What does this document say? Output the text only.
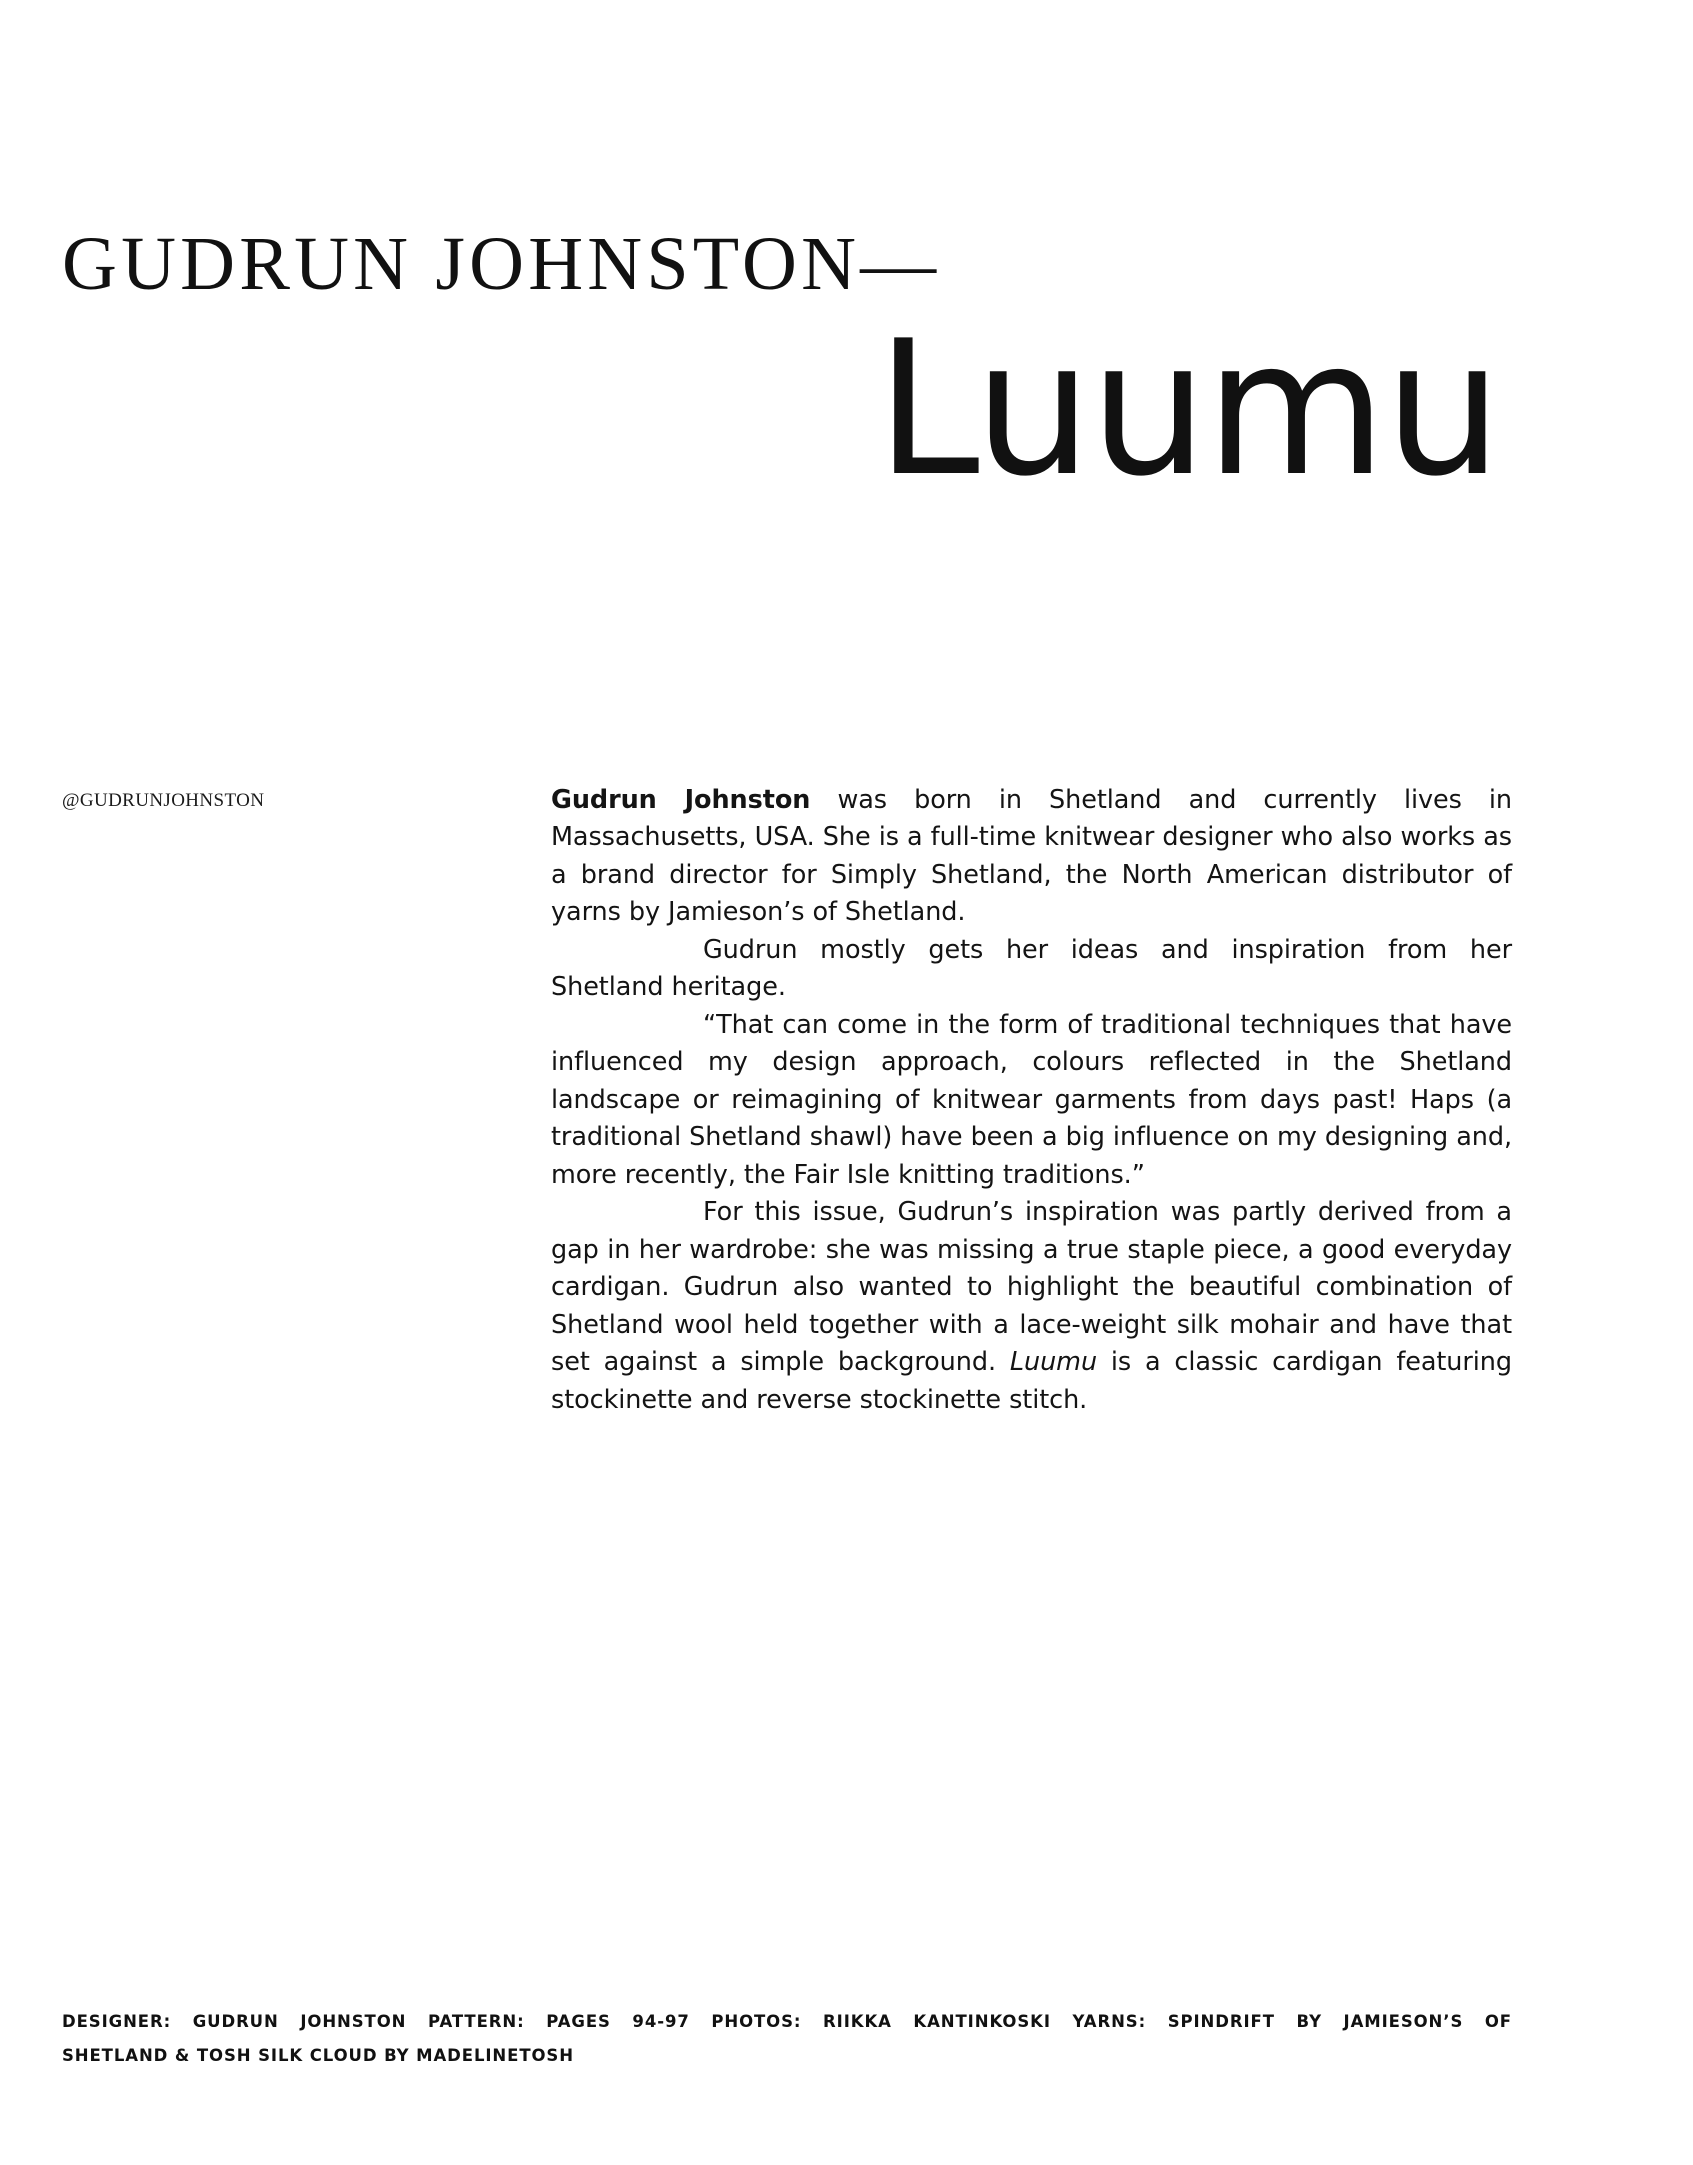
GUDRUN JOHNSTON—
Luumu
@GUDRUNJOHNSTON	Gudrun Johnston was born in Shetland and currently lives in Massachusetts, USA. She is a full-time knitwear designer who also works as a brand director for Simply Shetland, the North American distributor of yarns by Jamieson’s of Shetland.

Gudrun mostly gets her ideas and inspiration from her Shetland heritage.

“That can come in the form of traditional techniques that have influenced my design approach, colours reflected in the Shetland landscape or reimagining of knitwear garments from days past! Haps (a traditional Shetland shawl) have been a big influence on my designing and, more recently, the Fair Isle knitting traditions.”

For this issue, Gudrun’s inspiration was partly derived from a gap in her wardrobe: she was missing a true staple piece, a good everyday cardigan. Gudrun also wanted to highlight the beautiful combination of Shetland wool held together with a lace-weight silk mohair and have that set against a simple background. Luumu is a classic cardigan featuring stockinette and reverse stockinette stitch.

DESIGNER: GUDRUN JOHNSTON PATTERN: PAGES 94-97 PHOTOS: RIIKKA KANTINKOSKI YARNS: SPINDRIFT BY JAMIESON’S OF
SHETLAND & TOSH SILK CLOUD BY MADELINETOSH
